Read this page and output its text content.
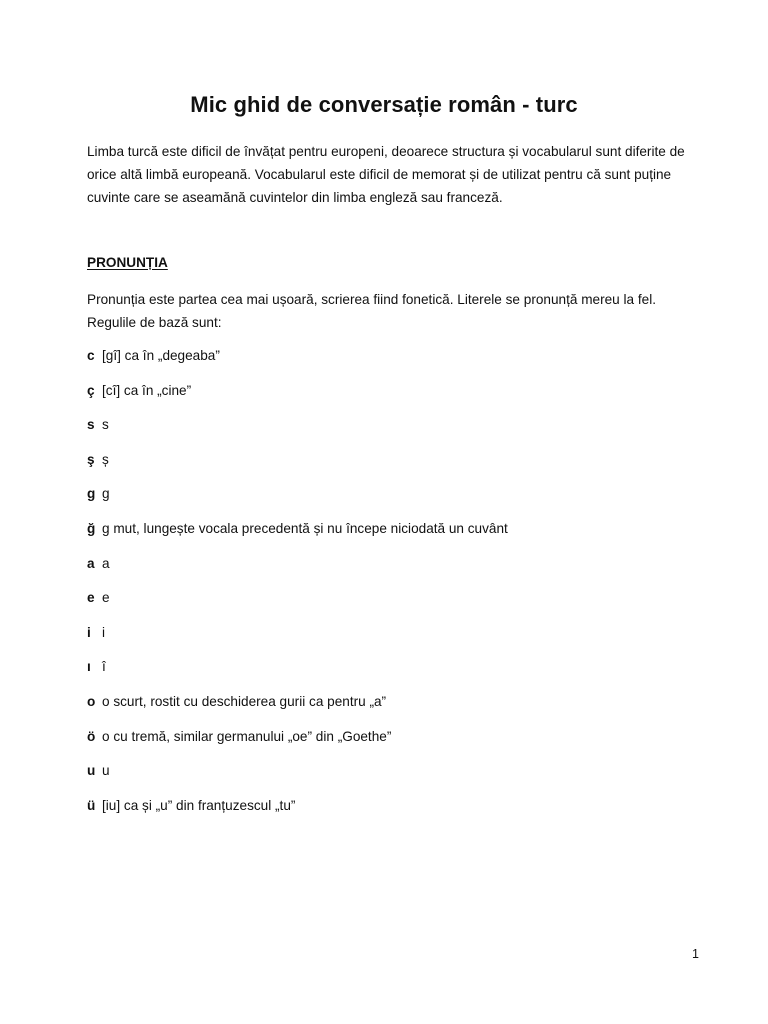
Mic ghid de conversație român - turc
Limba turcă este dificil de învățat pentru europeni, deoarece structura și vocabularul sunt diferite de orice altă limbă europeană. Vocabularul este dificil de memorat și de utilizat pentru că sunt puține cuvinte care se aseamănă cuvintelor din limba engleză sau franceză.
PRONUNȚIA
Pronunția este partea cea mai ușoară, scrierea fiind fonetică. Literele se pronunță mereu la fel. Regulile de bază sunt:
c [gî] ca în „degeaba”
ç [cî] ca în „cine”
s s
ş ș
g g
ğ g mut, lungește vocala precedentă și nu începe niciodată un cuvânt
a a
e e
i i
ı î
o o scurt, rostit cu deschiderea gurii ca pentru „a”
ö o cu tremă, similar germanului „oe” din „Goethe”
u u
ü [iu] ca și „u” din franțuzescul „tu”
1
